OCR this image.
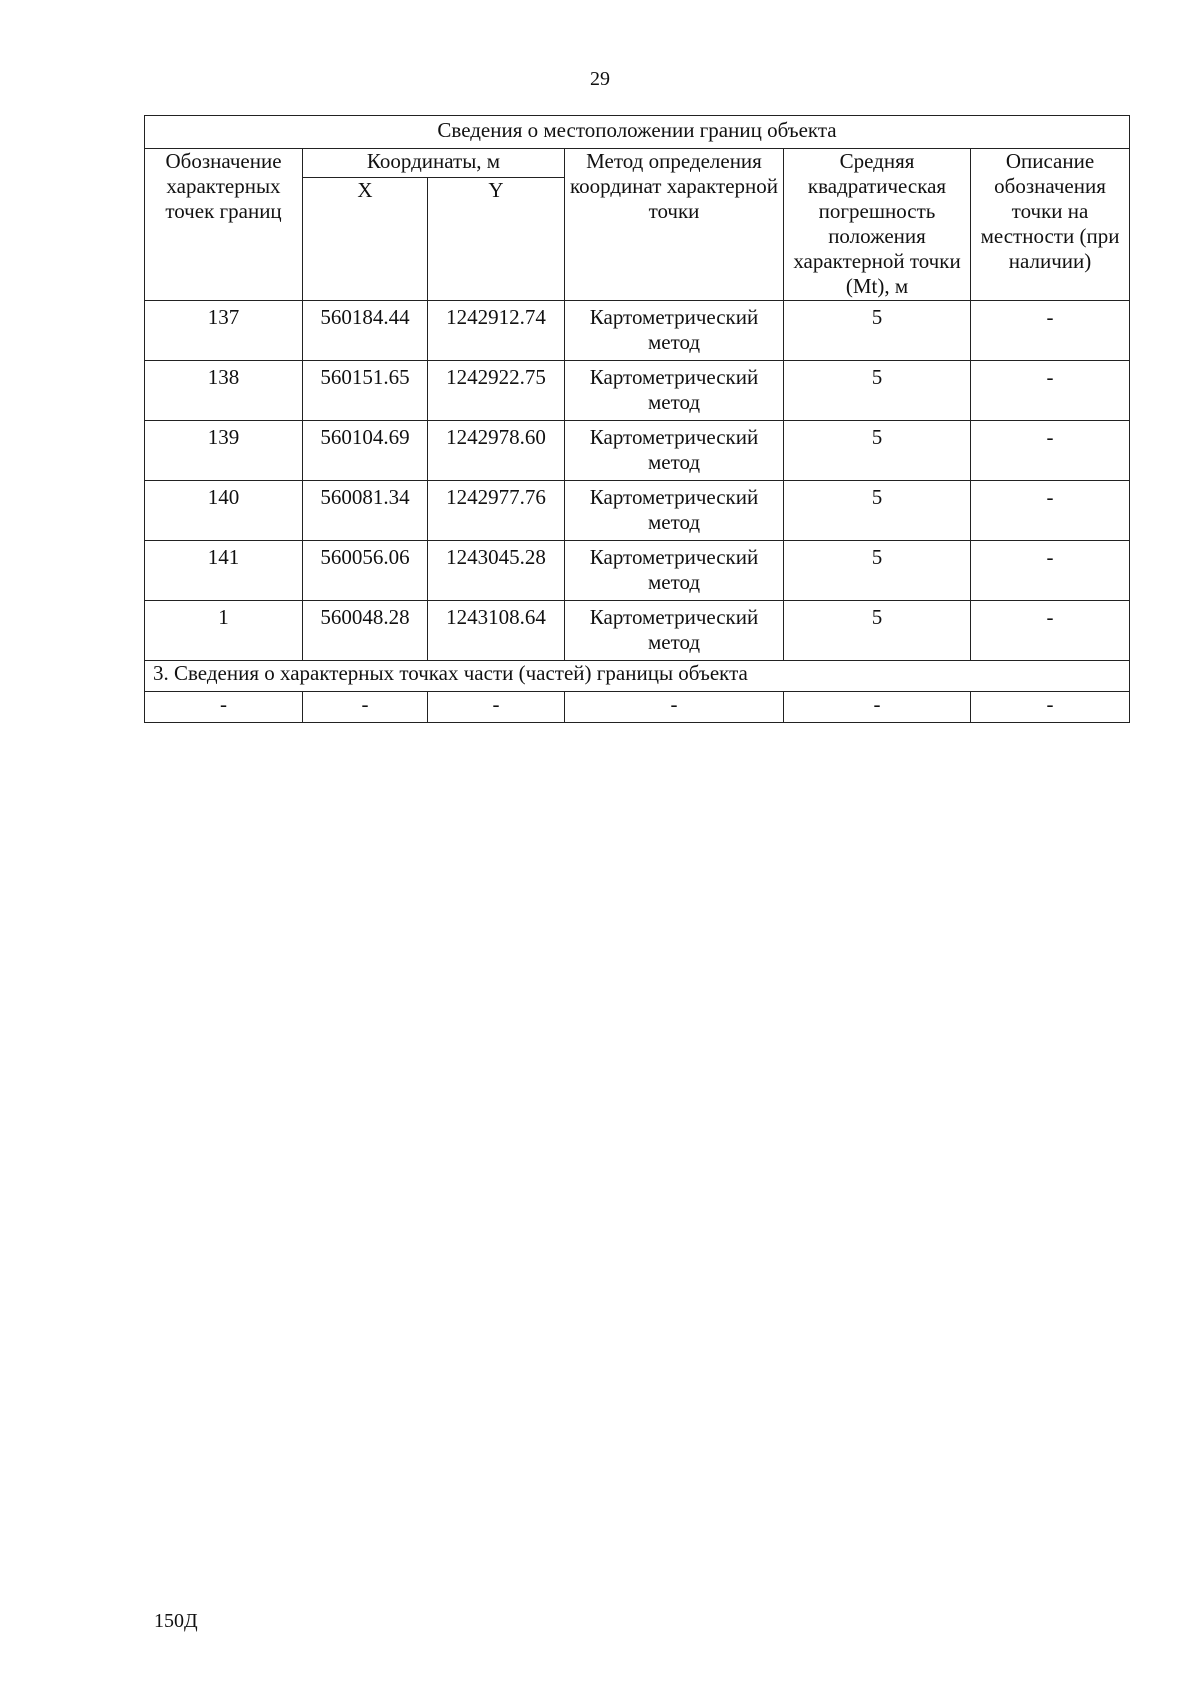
29
Сведения о местоположении границ объекта					
Обозначение характерных точек границ	Координаты, м		Метод определения координат характерной точки	Средняя квадратическая погрешность положения характерной точки (Mt), м	Описание обозначения точки на местности (при наличии)
	X	Y			
137	560184.44	1242912.74	Картометрический метод	5	-
138	560151.65	1242922.75	Картометрический метод	5	-
139	560104.69	1242978.60	Картометрический метод	5	-
140	560081.34	1242977.76	Картометрический метод	5	-
141	560056.06	1243045.28	Картометрический метод	5	-
1	560048.28	1243108.64	Картометрический метод	5	-
3. Сведения о характерных точках части (частей) границы объекта					
-	-	-	-	-	-
150Д
